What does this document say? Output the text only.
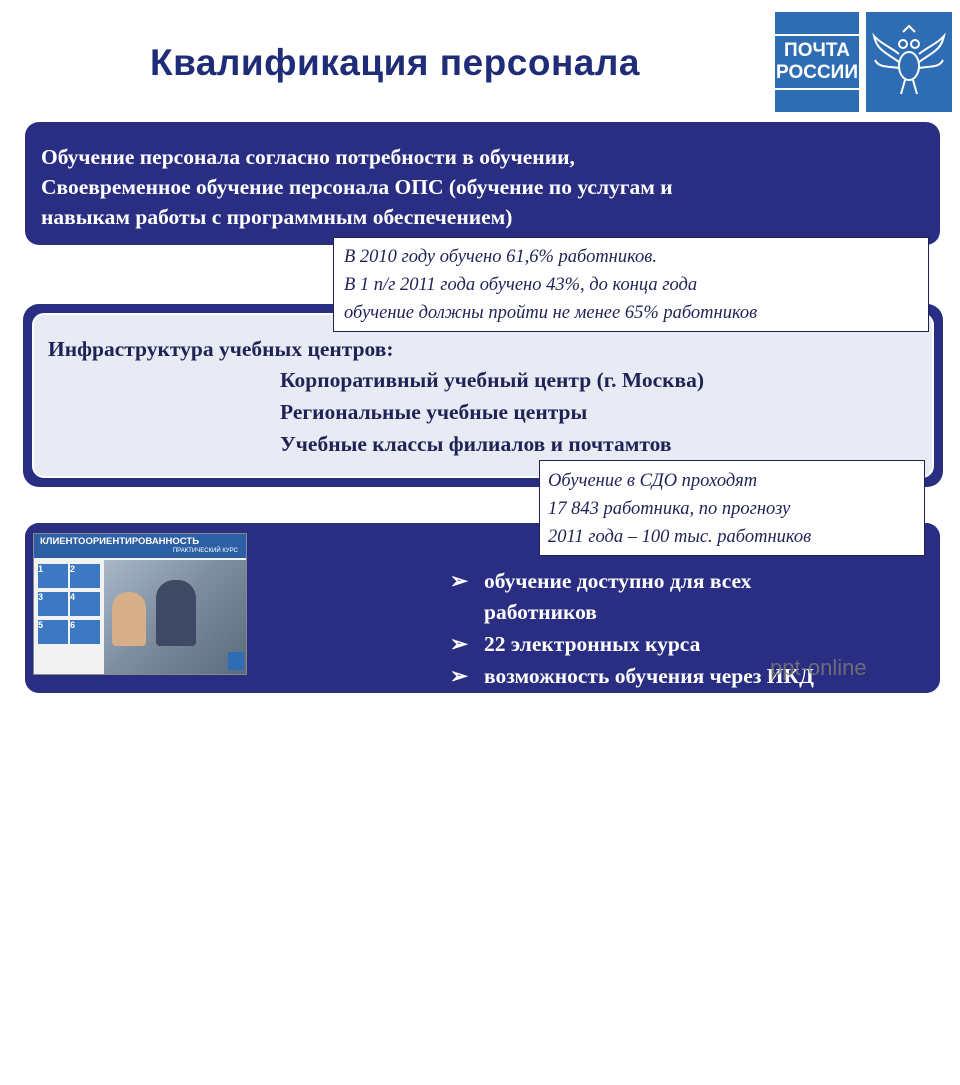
Квалификация персонала	ПОЧТА
РОССИИ
Обучение персонала согласно потребности в обучении,
Своевременное обучение персонала ОПС (обучение по услугам и
навыкам работы с программным обеспечением)
Инфраструктура учебных центров:
Корпоративный учебный центр (г. Москва)
Региональные учебные центры
Учебные классы филиалов и почтамтов
ционного обучения:
➢ обучение доступно для всех
работников
➢ 22 электронных курса
➢ возможность обучения через ИКД
КЛИЕНТООРИЕНТИРОВАННОСТЬ
ПРАКТИЧЕСКИЙ КУРС
1	2
3	4
5	6
В 2010 году обучено 61,6% работников.
В 1 п/г 2011 года обучено 43%, до конца года
обучение должны пройти не менее 65% работников
Обучение в СДО проходят
17 843 работника, по прогнозу
2011 года – 100 тыс. работников
ppt-online
